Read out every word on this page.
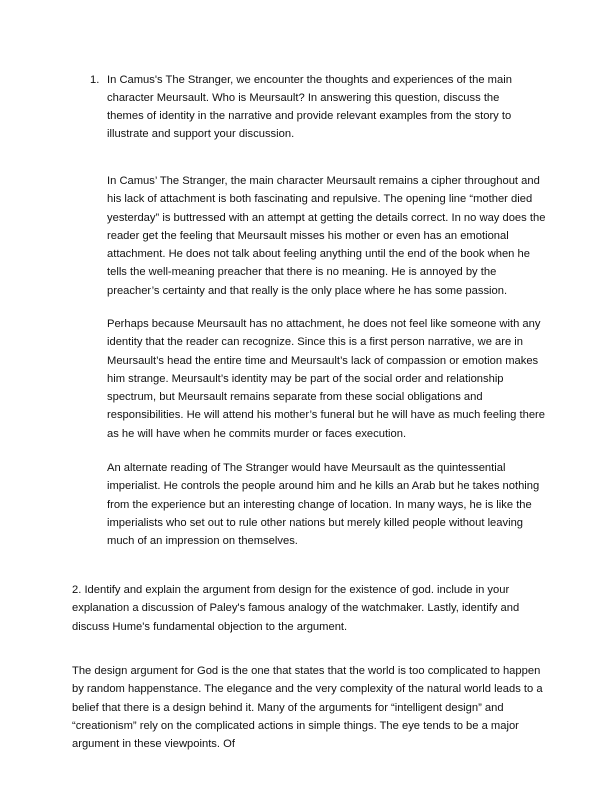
1. In Camus's The Stranger, we encounter the thoughts and experiences of the main character Meursault. Who is Meursault? In answering this question, discuss the themes of identity in the narrative and provide relevant examples from the story to illustrate and support your discussion.

In Camus’ The Stranger, the main character Meursault remains a cipher throughout and his lack of attachment is both fascinating and repulsive. The opening line “mother died yesterday” is buttressed with an attempt at getting the details correct. In no way does the reader get the feeling that Meursault misses his mother or even has an emotional attachment. He does not talk about feeling anything until the end of the book when he tells the well-meaning preacher that there is no meaning. He is annoyed by the preacher’s certainty and that really is the only place where he has some passion.

Perhaps because Meursault has no attachment, he does not feel like someone with any identity that the reader can recognize. Since this is a first person narrative, we are in Meursault’s head the entire time and Meursault’s lack of compassion or emotion makes him strange. Meursault’s identity may be part of the social order and relationship spectrum, but Meursault remains separate from these social obligations and responsibilities. He will attend his mother’s funeral but he will have as much feeling there as he will have when he commits murder or faces execution.

An alternate reading of The Stranger would have Meursault as the quintessential imperialist. He controls the people around him and he kills an Arab but he takes nothing from the experience but an interesting change of location. In many ways, he is like the imperialists who set out to rule other nations but merely killed people without leaving much of an impression on themselves.

2. Identify and explain the argument from design for the existence of god. include in your explanation a discussion of Paley's famous analogy of the watchmaker. Lastly, identify and discuss Hume's fundamental objection to the argument.

The design argument for God is the one that states that the world is too complicated to happen by random happenstance. The elegance and the very complexity of the natural world leads to a belief that there is a design behind it. Many of the arguments for “intelligent design” and “creationism” rely on the complicated actions in simple things. The eye tends to be a major argument in these viewpoints. Of
